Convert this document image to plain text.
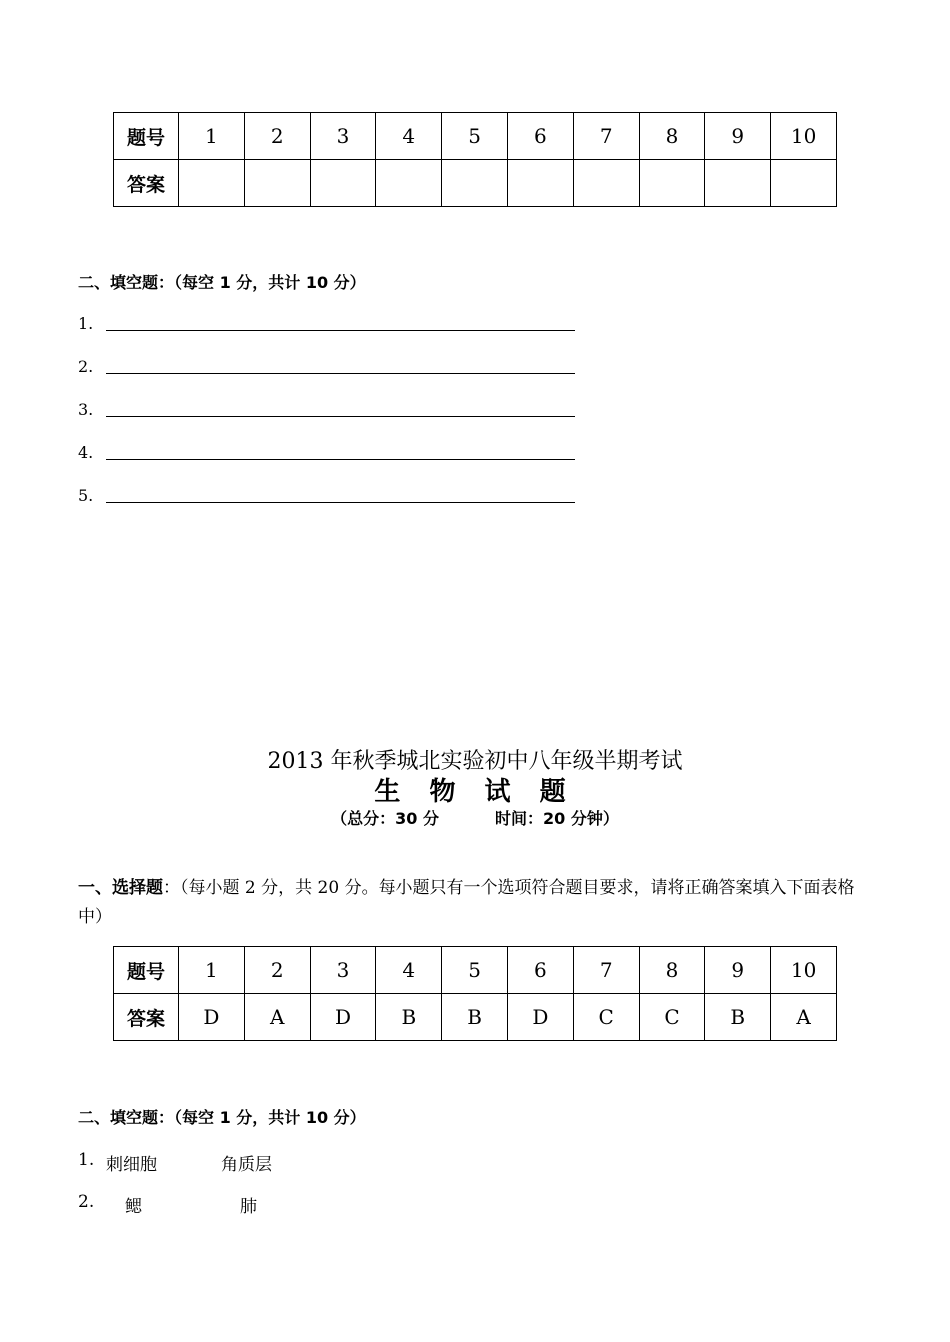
题号	1	2	3	4	5	6	7	8	9	10
答案										
二、填空题：（每空 1 分，共计 10 分）
1.
2.
3.
4.
5.
2013 年秋季城北实验初中八年级半期考试
生 物 试 题
（总分：30 分	时间：20 分钟）
一、选择题：（每小题 2 分，共 20 分。每小题只有一个选项符合题目要求，请将正确答案填入下面表格中）
题号	1	2	3	4	5	6	7	8	9	10
答案	D	A	D	B	B	D	C	C	B	A
二、填空题：（每空 1 分，共计 10 分）
1. 刺细胞	角质层
2. 鳃	肺
